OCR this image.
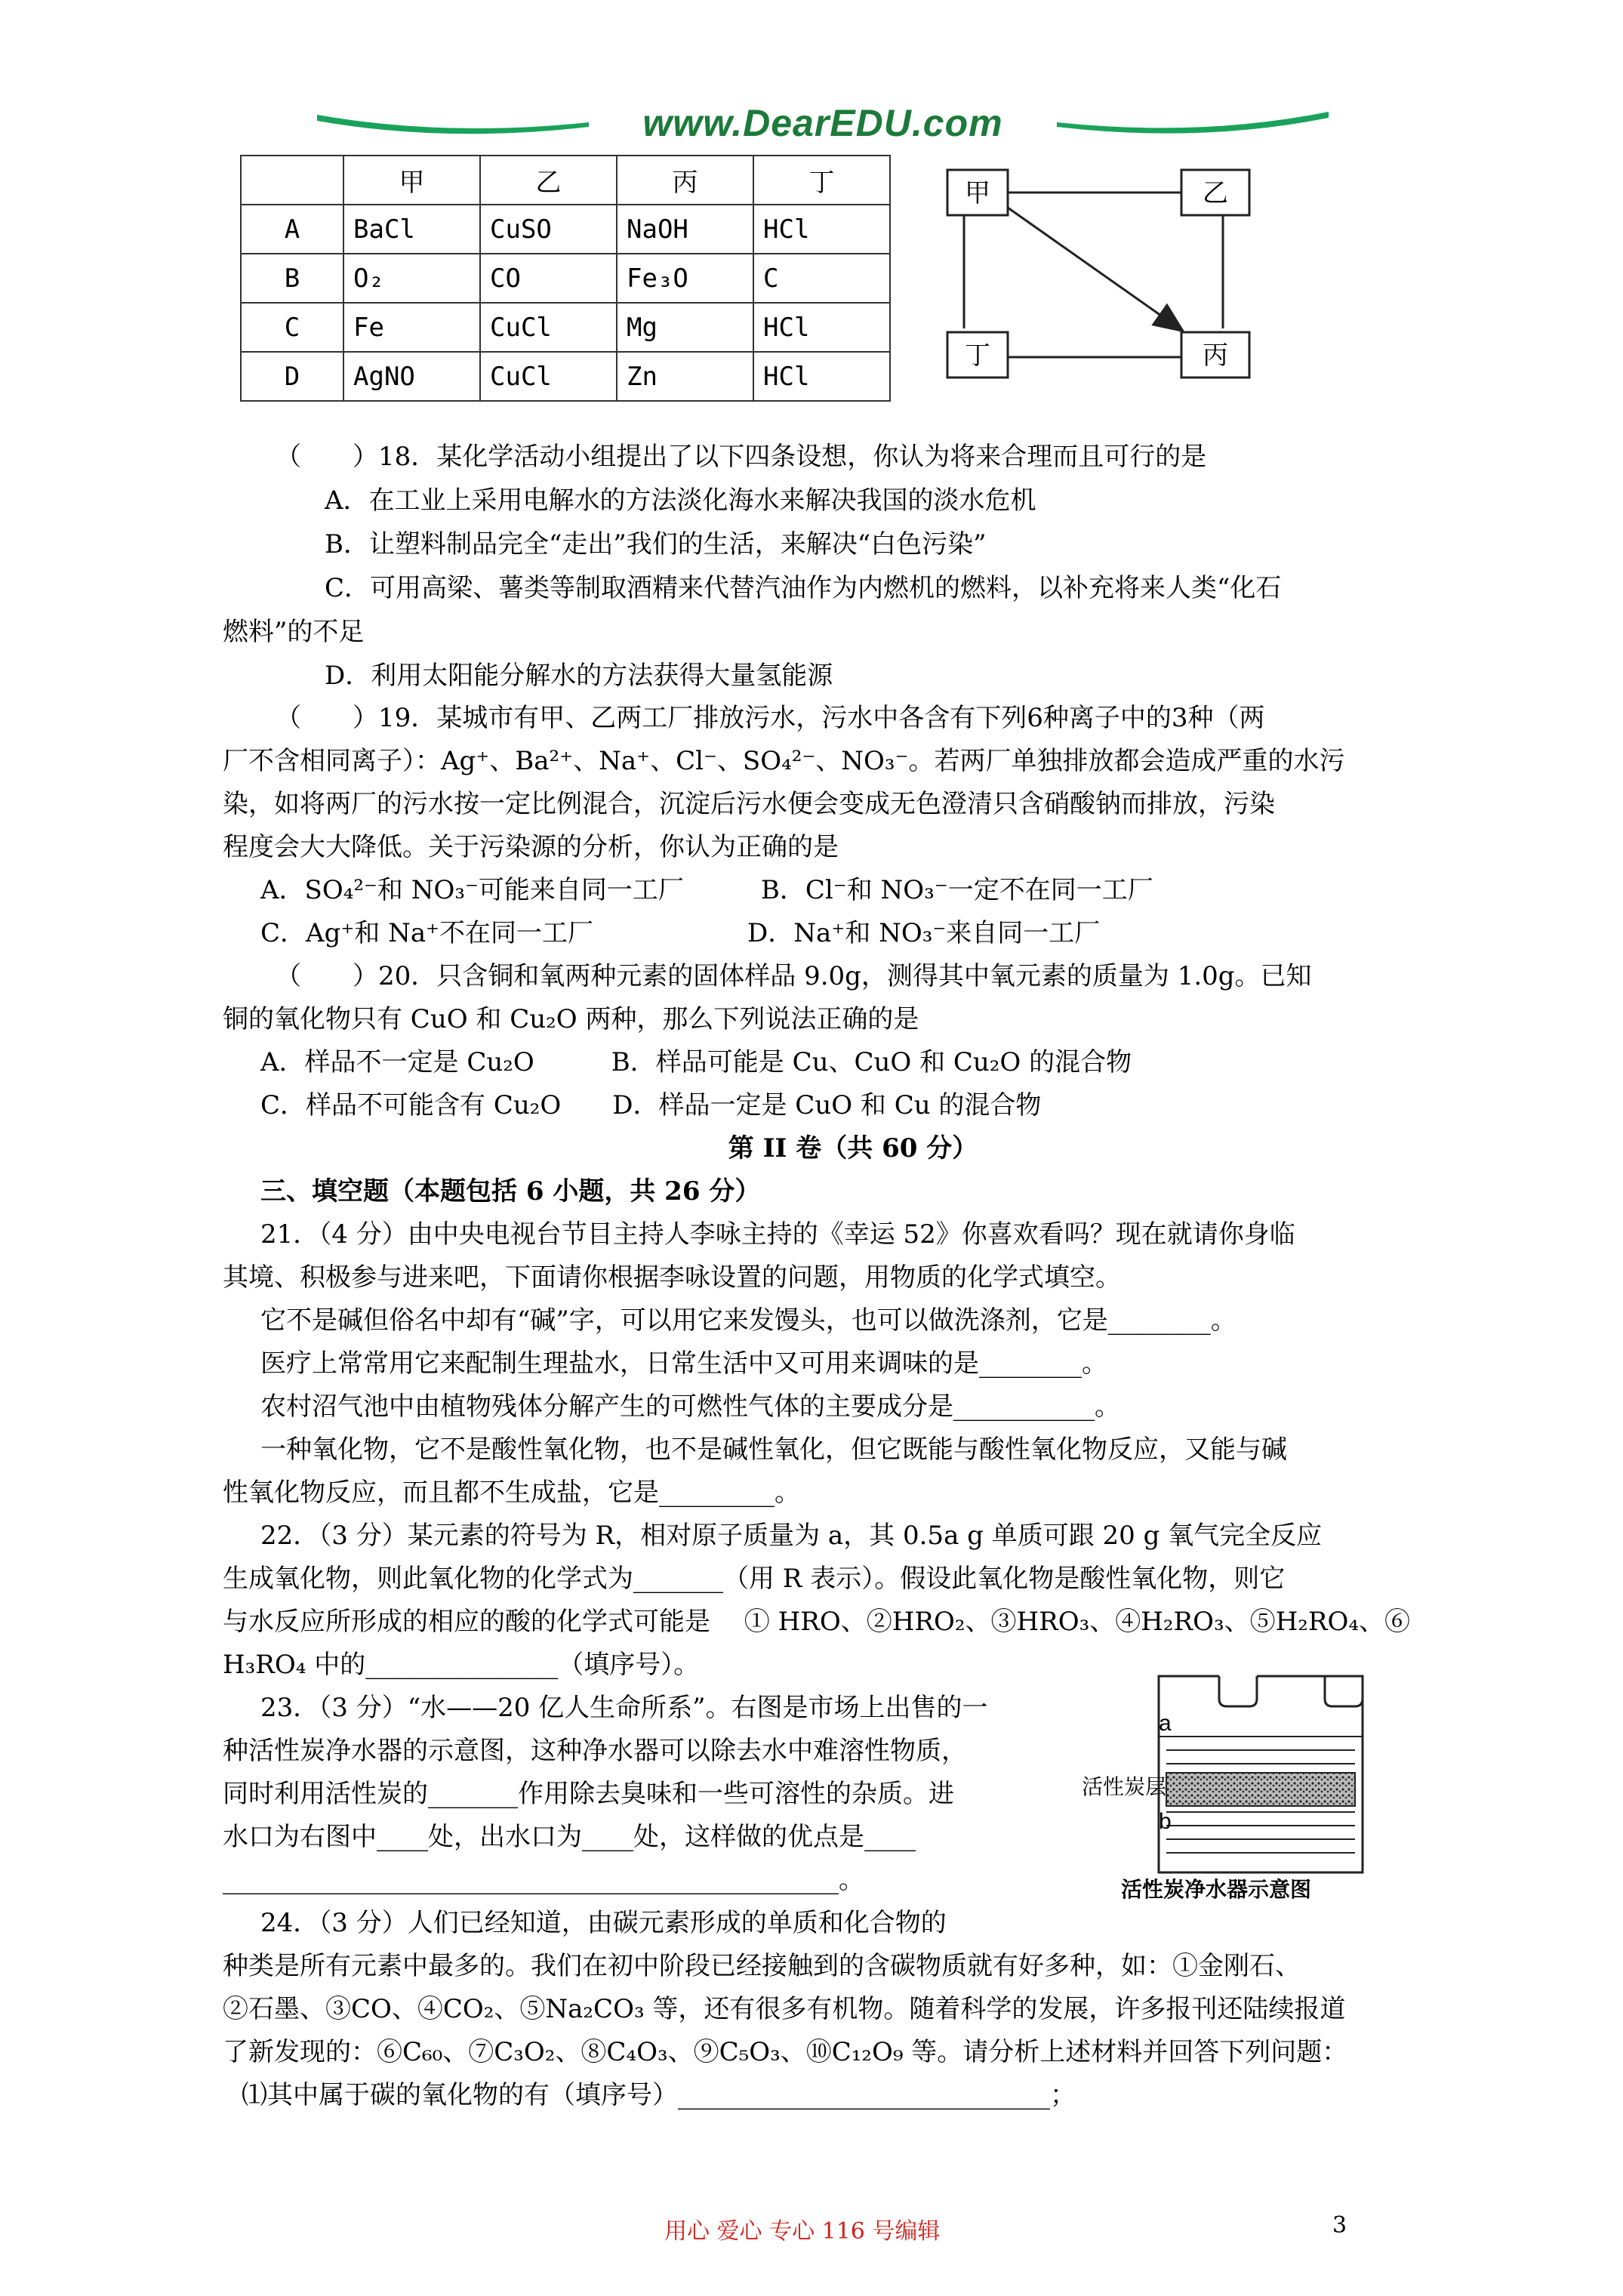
www.DearEDU.com
	甲	乙	丙	丁
A	BaCl	CuSO	NaOH	HCl
B	O₂	CO	Fe₃O	C
C	Fe	CuCl	Mg	HCl
D	AgNO	CuCl	Zn	HCl
甲	乙
丁	丙
（　　）18．某化学活动小组提出了以下四条设想，你认为将来合理而且可行的是
A．在工业上采用电解水的方法淡化海水来解决我国的淡水危机
B．让塑料制品完全“走出”我们的生活，来解决“白色污染”
C．可用高梁、薯类等制取酒精来代替汽油作为内燃机的燃料，以补充将来人类“化石
燃料”的不足
D．利用太阳能分解水的方法获得大量氢能源
（　　）19．某城市有甲、乙两工厂排放污水，污水中各含有下列6种离子中的3种（两
厂不含相同离子）：Ag⁺、Ba²⁺、Na⁺、Cl⁻、SO₄²⁻、NO₃⁻。若两厂单独排放都会造成严重的水污
染，如将两厂的污水按一定比例混合，沉淀后污水便会变成无色澄清只含硝酸钠而排放，污染
程度会大大降低。关于污染源的分析，你认为正确的是
A．SO₄²⁻和 NO₃⁻可能来自同一工厂　　　B．Cl⁻和 NO₃⁻一定不在同一工厂
C．Ag⁺和 Na⁺不在同一工厂　　　　　　D．Na⁺和 NO₃⁻来自同一工厂
（　　）20．只含铜和氧两种元素的固体样品 9.0g，测得其中氧元素的质量为 1.0g。已知
铜的氧化物只有 CuO 和 Cu₂O 两种，那么下列说法正确的是
A．样品不一定是 Cu₂O　　　B．样品可能是 Cu、CuO 和 Cu₂O 的混合物
C．样品不可能含有 Cu₂O　　D．样品一定是 CuO 和 Cu 的混合物
第 II 卷（共 60 分）
三、填空题（本题包括 6 小题，共 26 分）
21．（4 分）由中央电视台节目主持人李咏主持的《幸运 52》你喜欢看吗？现在就请你身临
其境、积极参与进来吧，下面请你根据李咏设置的问题，用物质的化学式填空。
它不是碱但俗名中却有“碱”字，可以用它来发馒头，也可以做洗涤剂，它是________。
医疗上常常用它来配制生理盐水，日常生活中又可用来调味的是________。
农村沼气池中由植物残体分解产生的可燃性气体的主要成分是___________。
一种氧化物，它不是酸性氧化物，也不是碱性氧化，但它既能与酸性氧化物反应，又能与碱
性氧化物反应，而且都不生成盐，它是_________。
22．（3 分）某元素的符号为 R，相对原子质量为 a，其 0.5a g 单质可跟 20 g 氧气完全反应
生成氧化物，则此氧化物的化学式为_______（用 R 表示）。假设此氧化物是酸性氧化物，则它
与水反应所形成的相应的酸的化学式可能是　 ① HRO、②HRO₂、③HRO₃、④H₂RO₃、⑤H₂RO₄、⑥
H₃RO₄ 中的_______________（填序号）。
23．（3 分）“水——20 亿人生命所系”。右图是市场上出售的一
种活性炭净水器的示意图，这种净水器可以除去水中难溶性物质，
同时利用活性炭的_______作用除去臭味和一些可溶性的杂质。进
水口为右图中____处，出水口为____处，这样做的优点是____
________________________________________________。
a
b
活性炭层
活性炭净水器示意图
24．（3 分）人们已经知道，由碳元素形成的单质和化合物的
种类是所有元素中最多的。我们在初中阶段已经接触到的含碳物质就有好多种，如：①金刚石、
②石墨、③CO、④CO₂、⑤Na₂CO₃ 等，还有很多有机物。随着科学的发展，许多报刊还陆续报道
了新发现的：⑥C₆₀、⑦C₃O₂、⑧C₄O₃、⑨C₅O₃、⑩C₁₂O₉ 等。请分析上述材料并回答下列问题：
⑴其中属于碳的氧化物的有（填序号）_____________________________；
用心 爱心 专心 116 号编辑	3
